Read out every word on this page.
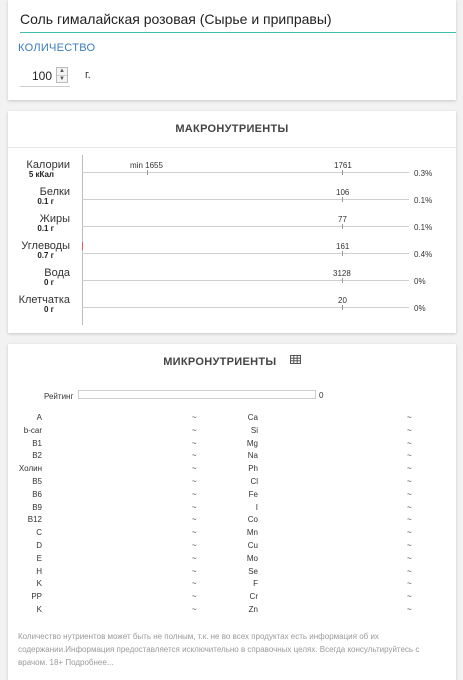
Соль гималайская розовая (Сырье и приправы)
КОЛИЧЕСТВО
100
▲
▼ г.
МАКРОНУТРИЕНТЫ
Калории
5 кКал
min 1655	1761
0.3%
Белки
0.1 г
106
0.1%
Жиры
0.1 г
77
0.1%
Углеводы
0.7 г
161
0.4%
Вода
0 г
3128
0%
Клетчатка
0 г
20
0%
МИКРОНУТРИЕНТЫ
Рейтинг	0
A	~	Ca	~
b-car	~	Si	~
B1	~	Mg	~
B2	~	Na	~
Холин	~	Ph	~
B5	~	Cl	~
B6	~	Fe	~
B9	~	I	~
B12	~	Co	~
C	~	Mn	~
D	~	Cu	~
E	~	Mo	~
H	~	Se	~
K	~	F	~
PP	~	Cr	~
K	~	Zn	~
Количество нутриентов может быть не полным, т.к. не во всех продуктах есть информация об их содержании.Информация предоставляется исключительно в справочных целях. Всегда консультируйтесь с врачом. 18+ Подробнее...
